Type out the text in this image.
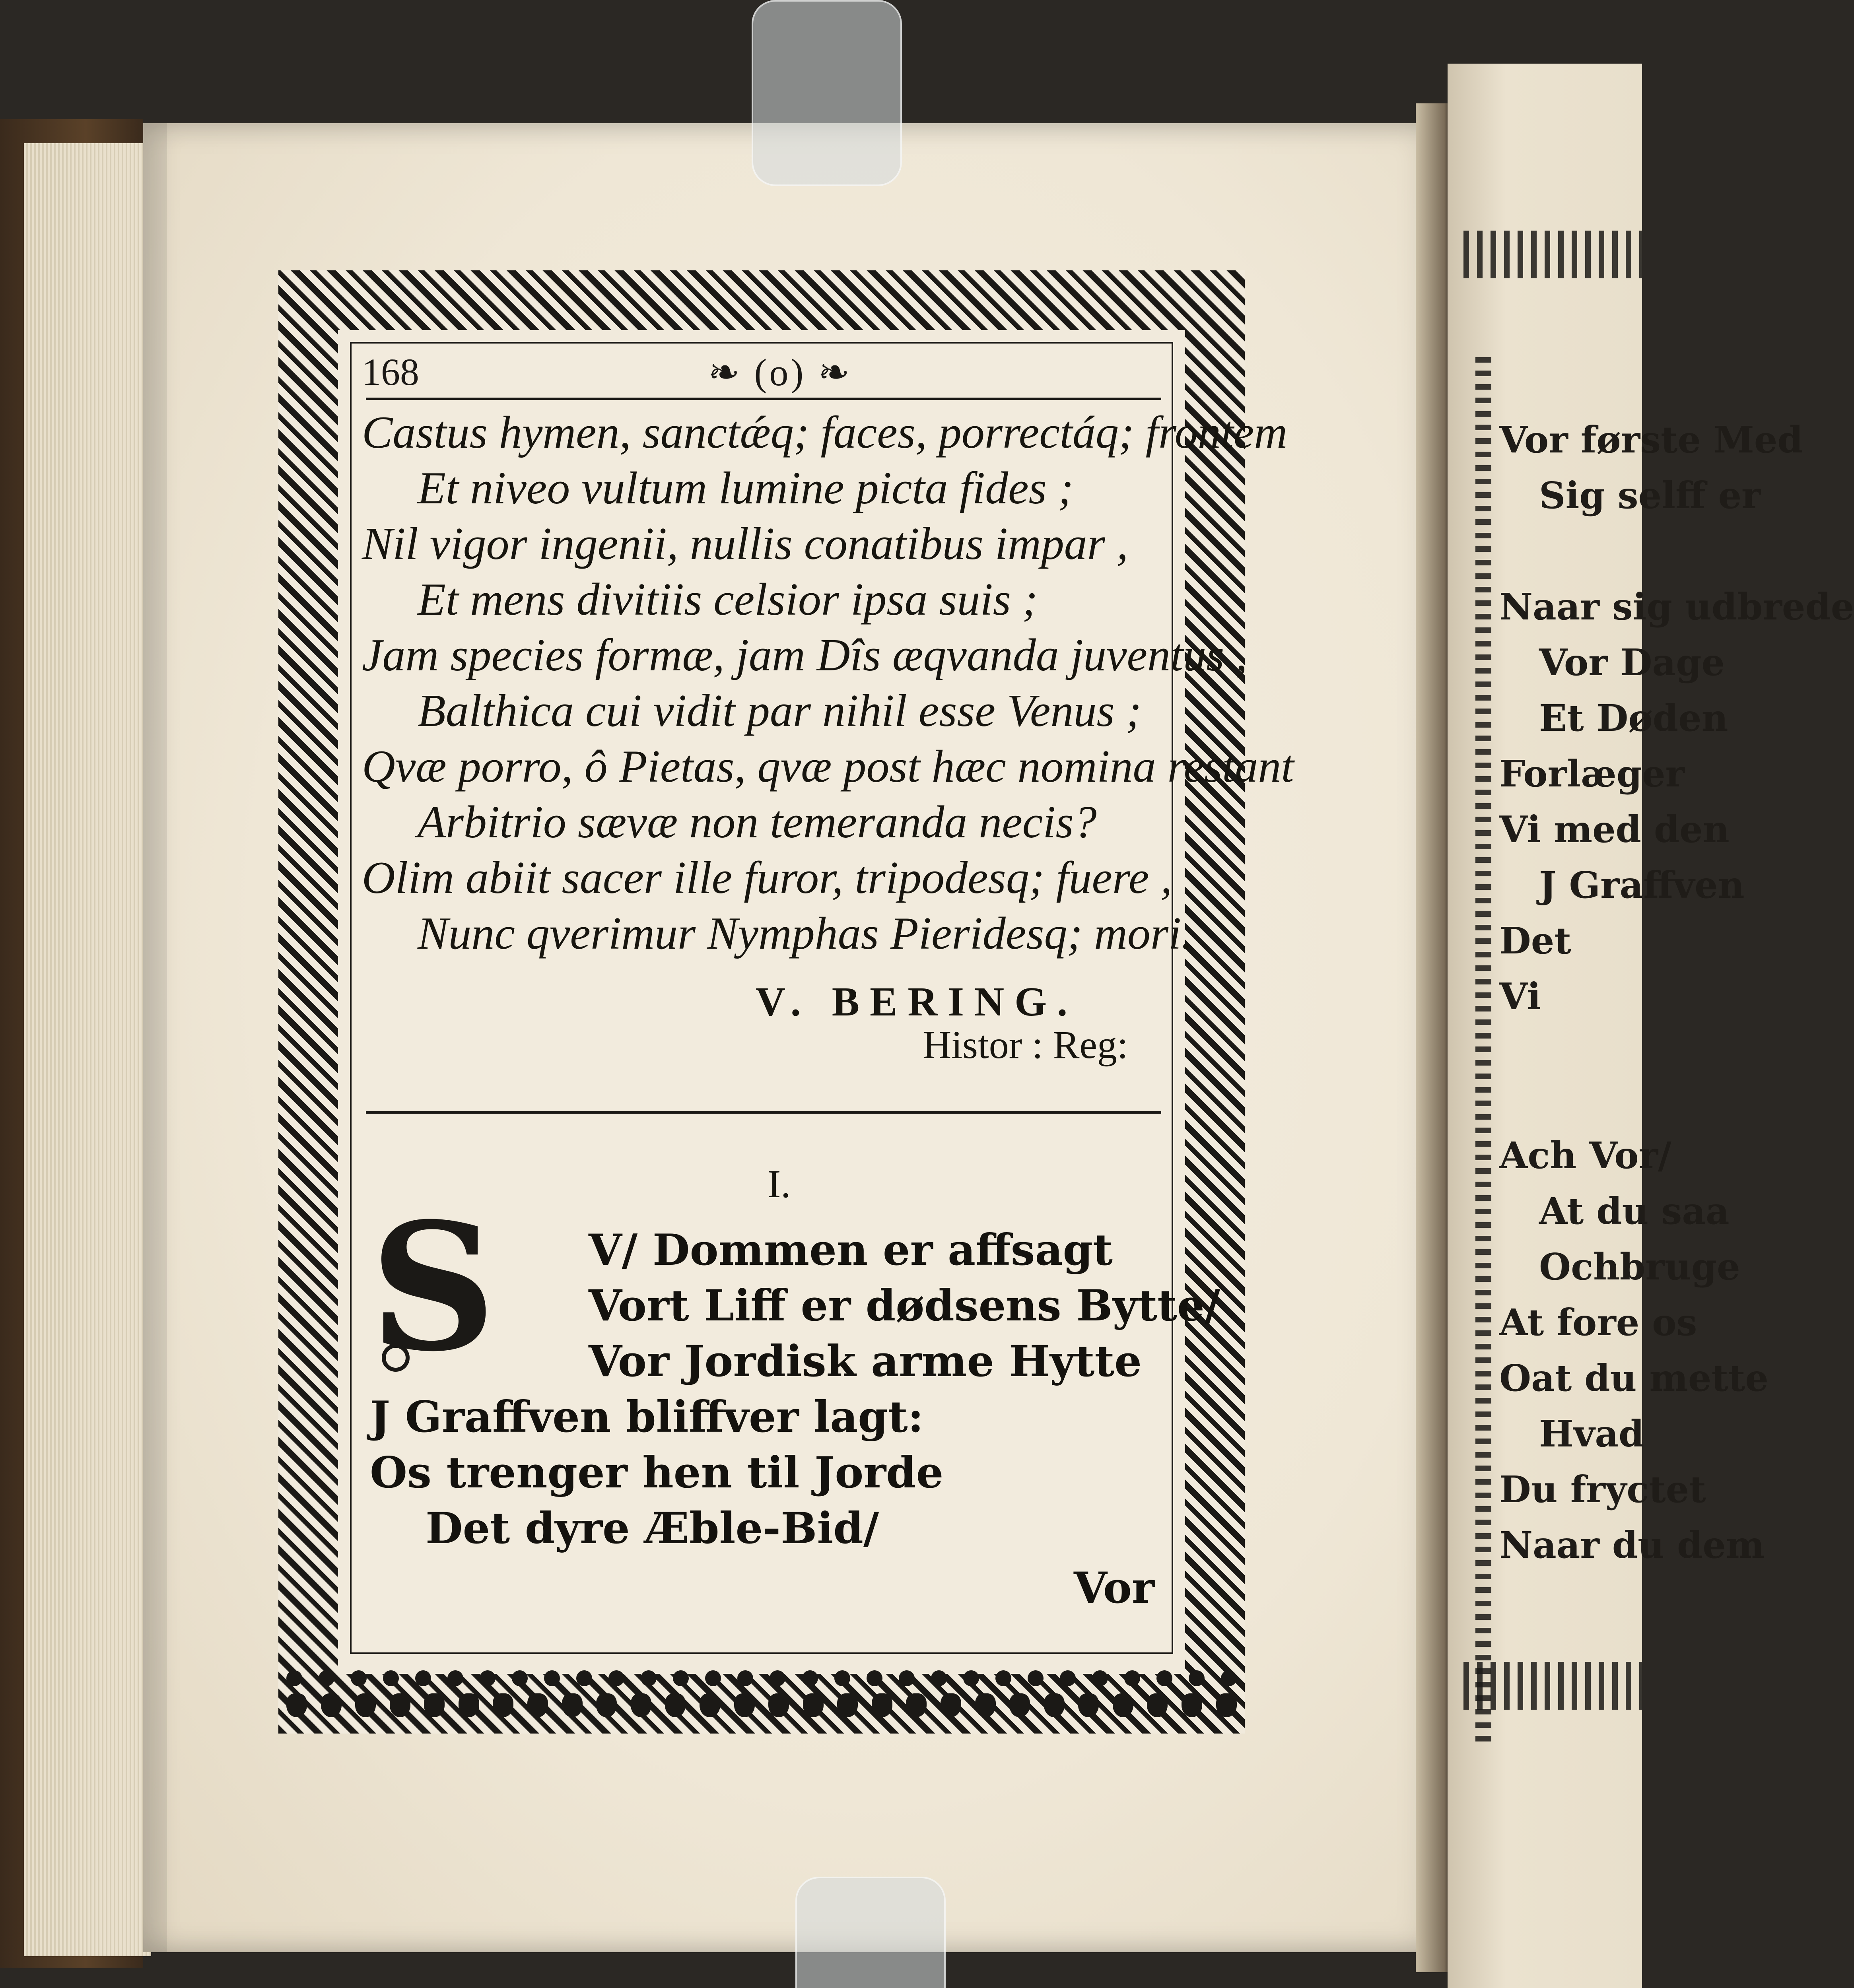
Vor første Med
Sig selff er
Naar sig udbrede
Vor Dage
Et Døden
Forlæger
Vi med den
J Graffven
Det
Vi
Ach Vor/
At du saa
Ochbruge
At fore os
Oat du mette
Hvad
Du fryctet
Naar du dem
168	❧ (o) ❧
Castus hymen, sanctǽq; faces, porrectáq; frontem
Et niveo vultum lumine picta fides ;
Nil vigor ingenii, nullis conatibus impar ,
Et mens divitiis celsior ipsa suis ;
Jam species formæ, jam Dîs æqvanda juventus ,
Balthica cui vidit par nihil esse Venus ;
Qvæ porro, ô Pietas, qvæ post hæc nomina restant
Arbitrio sævæ non temeranda necis?
Olim abiit sacer ille furor, tripodesq; fuere ,
Nunc qverimur Nymphas Pieridesq; mori.
V. BERING.
Histor : Reg:
I.
S	V/ Dommen er affsagt
Vort Liff er dødsens Bytte/
Vor Jordisk arme Hytte
J Graffven bliffver lagt:
Os trenger hen til Jorde
Det dyre Æble-Bid/
Vor
